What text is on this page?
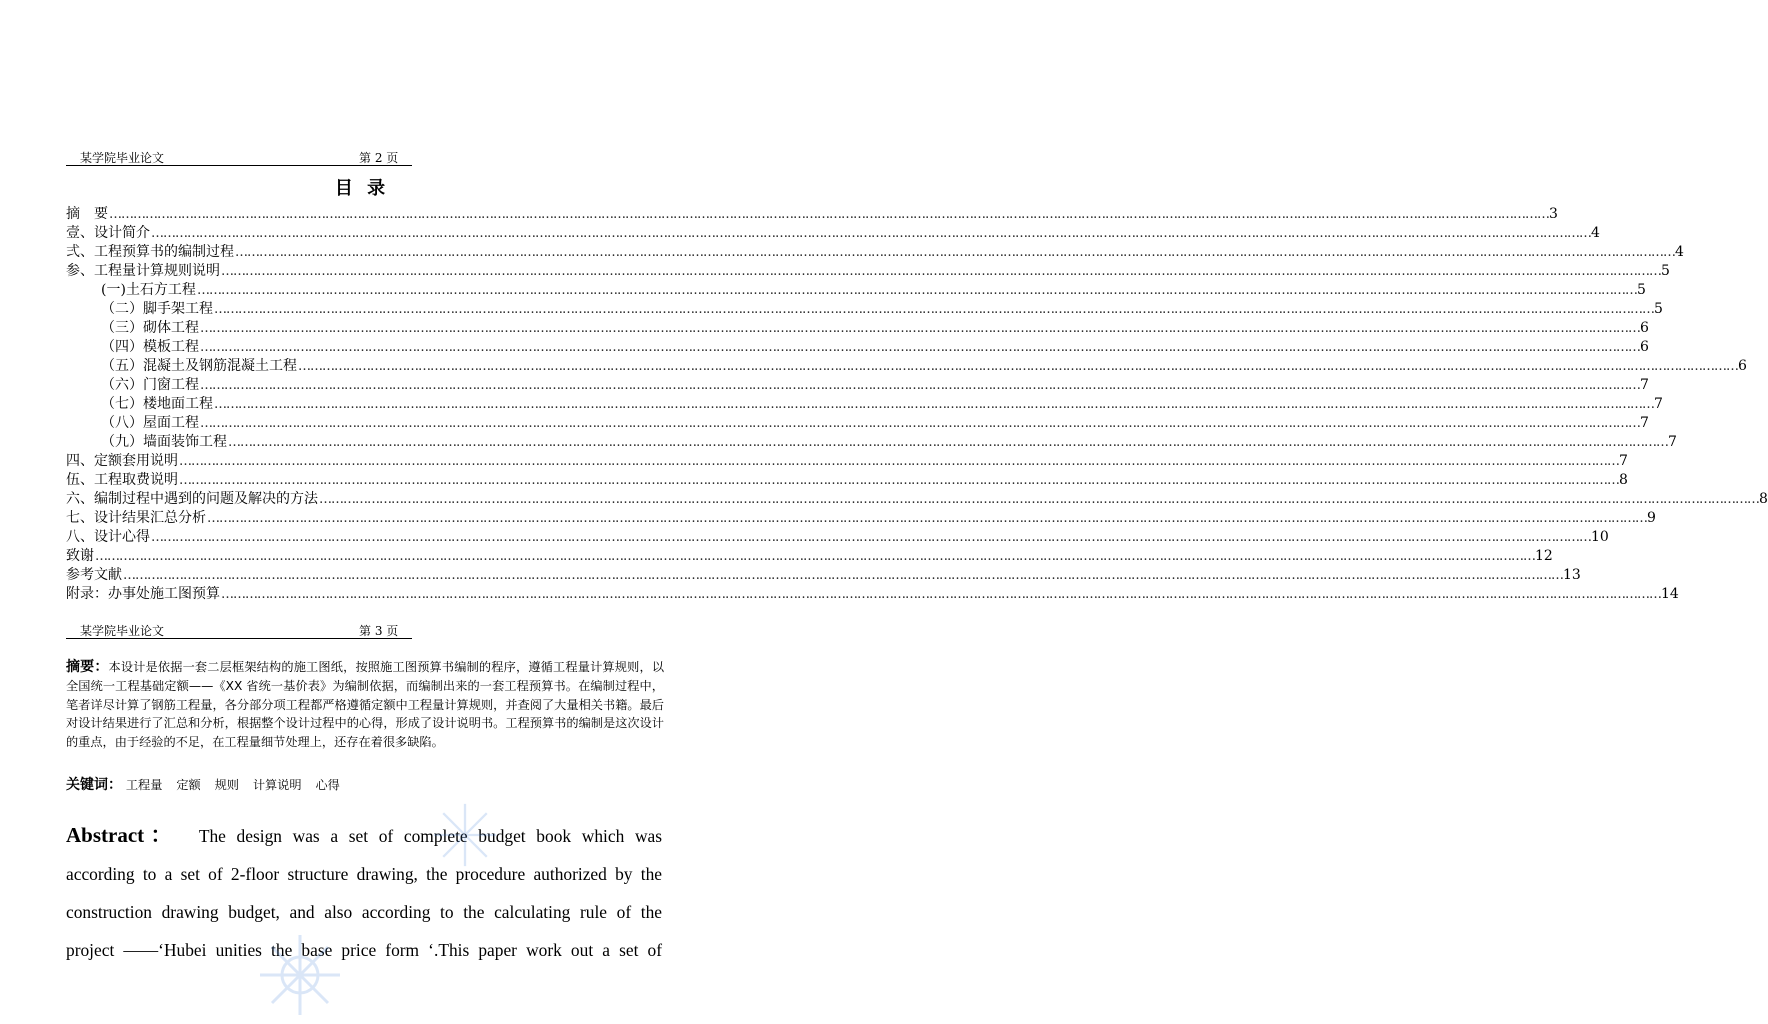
某学院毕业论文	第 2 页
目 录
摘　要 ……………………………………………………………………………………………………………………………………………………………………………………………………………………………………………………………………………………………………………………………… 3
壹、 设计简介 ……………………………………………………………………………………………………………………………………………………………………………………………………………………………………………………………………………………………………………………………… 4
弍、 工程预算书的编制过程 ……………………………………………………………………………………………………………………………………………………………………………………………………………………………………………………………………………………………………………………………… 4
参、 工程量计算规则说明 ……………………………………………………………………………………………………………………………………………………………………………………………………………………………………………………………………………………………………………………………… 5
(一) 土石方工程 ……………………………………………………………………………………………………………………………………………………………………………………………………………………………………………………………………………………………………………………………… 5
（二） 脚手架工程 ……………………………………………………………………………………………………………………………………………………………………………………………………………………………………………………………………………………………………………………………… 5
（三） 砌体工程 ……………………………………………………………………………………………………………………………………………………………………………………………………………………………………………………………………………………………………………………………… 6
（四） 模板工程 ……………………………………………………………………………………………………………………………………………………………………………………………………………………………………………………………………………………………………………………………… 6
（五） 混凝土及钢筋混凝土工程 ……………………………………………………………………………………………………………………………………………………………………………………………………………………………………………………………………………………………………………………………… 6
（六） 门窗工程 ……………………………………………………………………………………………………………………………………………………………………………………………………………………………………………………………………………………………………………………………… 7
（七） 楼地面工程 ……………………………………………………………………………………………………………………………………………………………………………………………………………………………………………………………………………………………………………………………… 7
（八） 屋面工程 ……………………………………………………………………………………………………………………………………………………………………………………………………………………………………………………………………………………………………………………………… 7
（九） 墙面装饰工程 ……………………………………………………………………………………………………………………………………………………………………………………………………………………………………………………………………………………………………………………………… 7
四、 定额套用说明 ……………………………………………………………………………………………………………………………………………………………………………………………………………………………………………………………………………………………………………………………… 7
伍、 工程取费说明 ……………………………………………………………………………………………………………………………………………………………………………………………………………………………………………………………………………………………………………………………… 8
六、 编制过程中遇到的问题及解决的方法 ……………………………………………………………………………………………………………………………………………………………………………………………………………………………………………………………………………………………………………………………… 8
七、 设计结果汇总分析 ……………………………………………………………………………………………………………………………………………………………………………………………………………………………………………………………………………………………………………………………… 9
八、 设计心得 ……………………………………………………………………………………………………………………………………………………………………………………………………………………………………………………………………………………………………………………………… 10
致谢 ……………………………………………………………………………………………………………………………………………………………………………………………………………………………………………………………………………………………………………………………… 12
参考文献 ……………………………………………………………………………………………………………………………………………………………………………………………………………………………………………………………………………………………………………………………… 13
附录：办事处施工图预算 ……………………………………………………………………………………………………………………………………………………………………………………………………………………………………………………………………………………………………………………………… 14
某学院毕业论文	第 3 页
摘要：本设计是依据一套二层框架结构的施工图纸，按照施工图预算书编制的程序，遵循工程量计算规则，以全国统一工程基础定额——《XX 省统一基价表》为编制依据，而编制出来的一套工程预算书。在编制过程中，笔者详尽计算了钢筋工程量，各分部分项工程都严格遵循定额中工程量计算规则，并查阅了大量相关书籍。最后对设计结果进行了汇总和分析，根据整个设计过程中的心得，形成了设计说明书。工程预算书的编制是这次设计的重点，由于经验的不足，在工程量细节处理上，还存在着很多缺陷。
关键词： 工程量 定额 规则 计算说明 心得
Abstract： The design was a set of complete budget book which was
according to a set of 2-floor structure drawing, the procedure authorized by the
construction drawing budget, and also according to the calculating rule of the
project ——‘Hubei unities the base price form ‘.This paper work out a set of
